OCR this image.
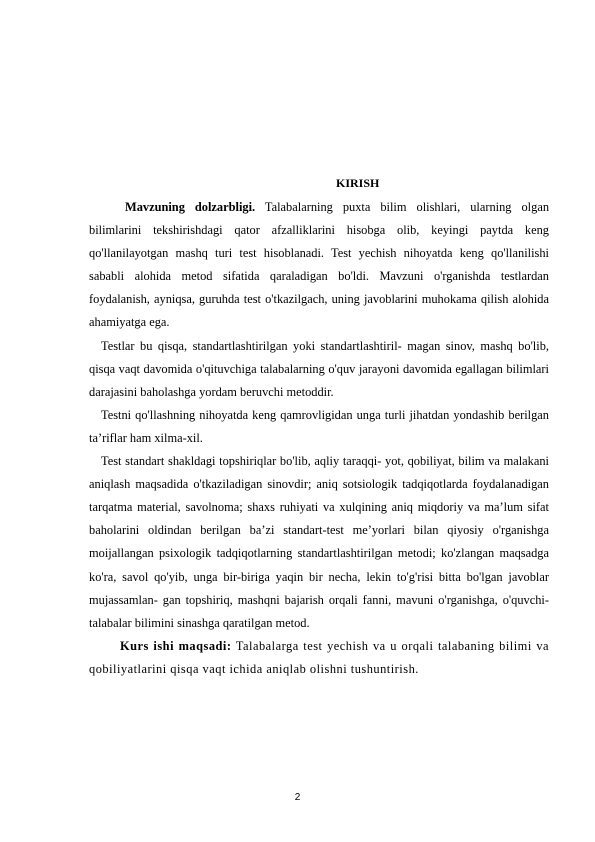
KIRISH

Mavzuning dolzarbligi. Talabalarning puxta bilim olishlari, ularning olgan bilimlarini tekshirishdagi qator afzalliklarini hisobga olib, keyingi paytda keng qo'llanilayotgan mashq turi test hisoblanadi. Test yechish nihoyatda keng qo'llanilishi sababli alohida metod sifatida qaraladigan bo'ldi. Mavzuni o'rganishda testlardan foydalanish, ayniqsa, guruhda test o'tkazilgach, uning javoblarini muhokama qilish alohida ahamiyatga ega.

Testlar bu qisqa, standartlashtirilgan yoki standartlashtiril- magan sinov, mashq bo'lib, qisqa vaqt davomida o'qituvchiga talabalarning o'quv jarayoni davomida egallagan bilimlari darajasini baholashga yordam beruvchi metoddir.

Testni qo'llashning nihoyatda keng qamrovligidan unga turli jihatdan yondashib berilgan ta’riflar ham xilma-xil.

Test standart shakldagi topshiriqlar bo'lib, aqliy taraqqi- yot, qobiliyat, bilim va malakani aniqlash maqsadida o'tkaziladigan sinovdir; aniq sotsiologik tadqiqotlarda foydalanadigan tarqatma material, savolnoma; shaxs ruhiyati va xulqining aniq miqdoriy va ma’lum sifat baholarini oldindan berilgan ba’zi standart-test me’yorlari bilan qiyosiy o'rganishga moijallangan psixologik tadqiqotlarning standartlashtirilgan metodi; ko'zlangan maqsadga ko'ra, savol qo'yib, unga bir-biriga yaqin bir necha, lekin to'g'risi bitta bo'lgan javoblar mujassamlan- gan topshiriq, mashqni bajarish orqali fanni, mavuni o'rganishga, o'quvchi-talabalar bilimini sinashga qaratilgan metod.

Kurs ishi maqsadi: Talabalarga test yechish va u orqali talabaning bilimi va qobiliyatlarini qisqa vaqt ichida aniqlab olishni tushuntirish.

2
